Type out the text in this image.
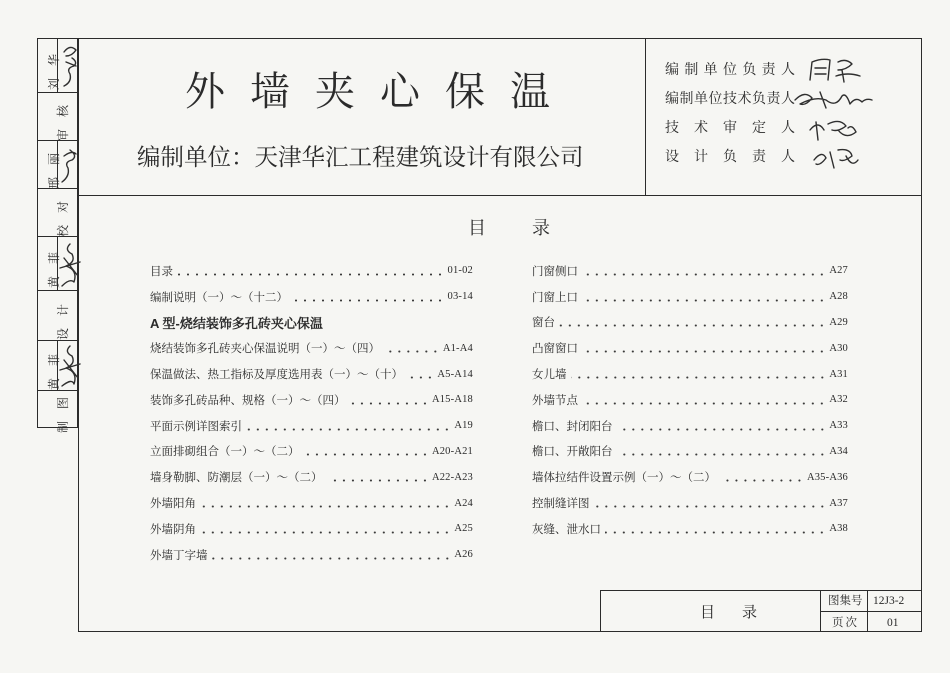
外墙夹心保温
编制单位：天津华汇工程建筑设计有限公司
编制单位负责人
编制单位技术负责人
技术审定人
设计负责人
刘华
审核
邢丽
校对
黄菲
设计
黄菲
制图
目录
目录	01-02
编制说明（一）～（十二）	03-14
A 型-烧结装饰多孔砖夹心保温
烧结装饰多孔砖夹心保温说明（一）～（四）	A1-A4
保温做法、热工指标及厚度选用表（一）～（十）	A5-A14
装饰多孔砖品种、规格（一）～（四）	A15-A18
平面示例详图索引	A19
立面排砌组合（一）～（二）	A20-A21
墙身勒脚、防潮层（一）～（二）	A22-A23
外墙阳角	A24
外墙阴角	A25
外墙丁字墙	A26
门窗侧口	A27
门窗上口	A28
窗台	A29
凸窗窗口	A30
女儿墙	A31
外墙节点	A32
檐口、封闭阳台	A33
檐口、开敞阳台	A34
墙体拉结件设置示例（一）～（二）	A35-A36
控制缝详图	A37
灰缝、泄水口	A38
目录
图集号 12J3-2
页次 01
